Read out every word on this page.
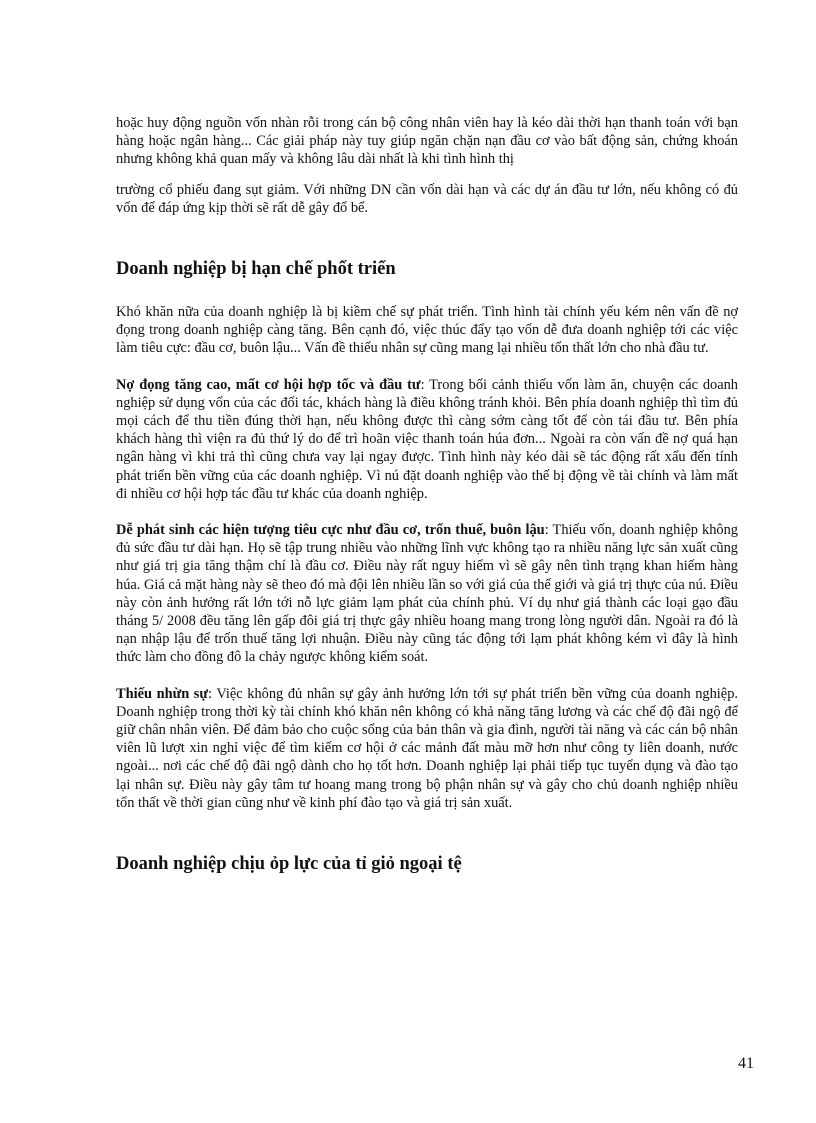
hoặc huy động nguồn vốn nhàn rỗi trong cán bộ công nhân viên hay là kéo dài thời hạn thanh toán với bạn hàng hoặc ngân hàng... Các giải pháp này tuy giúp ngăn chặn nạn đầu cơ vào bất động sản, chứng khoán nhưng không khả quan mấy và không lâu dài nhất là khi tình hình thị

trường cổ phiếu đang sụt giảm. Với những DN cần vốn dài hạn và các dự án đầu tư lớn, nếu không có đủ vốn để đáp ứng kịp thời sẽ rất dễ gây đổ bể.

Doanh nghiệp bị hạn chế phốt triển

Khó khăn nữa của doanh nghiệp là bị kiềm chế sự phát triển. Tình hình tài chính yếu kém nên vấn đề nợ đọng trong doanh nghiệp càng tăng. Bên cạnh đó, việc thúc đẩy tạo vốn dễ đưa doanh nghiệp tới các việc làm tiêu cực: đầu cơ, buôn lậu... Vấn đề thiếu nhân sự cũng mang lại nhiều tổn thất lớn cho nhà đầu tư.

Nợ đọng tăng cao, mất cơ hội hợp tốc và đầu tư: Trong bối cảnh thiếu vốn làm ăn, chuyện các doanh nghiệp sử dụng vốn của các đối tác, khách hàng là điều không tránh khỏi. Bên phía doanh nghiệp thì tìm đủ mọi cách để thu tiền đúng thời hạn, nếu không được thì càng sớm càng tốt để còn tái đầu tư. Bên phía khách hàng thì viện ra đủ thứ lý do để trì hoãn việc thanh toán húa đơn... Ngoài ra còn vấn đề nợ quá hạn ngân hàng vì khi trả thì cũng chưa vay lại ngay được. Tình hình này kéo dài sẽ tác động rất xấu đến tính phát triển bền vững của các doanh nghiệp. Vì nú đặt doanh nghiệp vào thế bị động về tài chính và làm mất đi nhiều cơ hội hợp tác đầu tư khác của doanh nghiệp.

Dễ phát sinh các hiện tượng tiêu cực như đầu cơ, trốn thuế, buôn lậu: Thiếu vốn, doanh nghiệp không đủ sức đầu tư dài hạn. Họ sẽ tập trung nhiều vào những lĩnh vực không tạo ra nhiều năng lực sản xuất cũng như giá trị gia tăng thậm chí là đầu cơ. Điều này rất nguy hiểm vì sẽ gây nên tình trạng khan hiếm hàng húa. Giá cả mặt hàng này sẽ theo đó mà đội lên nhiều lần so với giá của thế giới và giá trị thực của nú. Điều này còn ảnh hưởng rất lớn tới nỗ lực giảm lạm phát của chính phủ. Ví dụ như giá thành các loại gạo đầu tháng 5/ 2008 đều tăng lên gấp đôi giá trị thực gây nhiều hoang mang trong lòng người dân. Ngoài ra đó là nạn nhập lậu để trốn thuế tăng lợi nhuận. Điều này cũng tác động tới lạm phát không kém vì đây là hình thức làm cho đồng đô la chảy ngược không kiểm soát.

Thiếu nhừn sự: Việc không đủ nhân sự gây ảnh hưởng lớn tới sự phát triển bền vững của doanh nghiệp. Doanh nghiệp trong thời kỳ tài chính khó khăn nên không có khả năng tăng lương và các chế độ đãi ngộ để giữ chân nhân viên. Để đảm bảo cho cuộc sống của bản thân và gia đình, người tài năng và các cán bộ nhân viên lũ lượt xin nghỉ việc để tìm kiếm cơ hội ở các mảnh đất màu mỡ hơn như công ty liên doanh, nước ngoài... nơi các chế độ đãi ngộ dành cho họ tốt hơn. Doanh nghiệp lại phải tiếp tục tuyển dụng và đào tạo lại nhân sự. Điều này gây tâm tư hoang mang trong bộ phận nhân sự và gây cho chủ doanh nghiệp nhiều tổn thất về thời gian cũng như về kinh phí đào tạo và giá trị sản xuất.

Doanh nghiệp chịu ỏp lực của tỉ giỏ ngoại tệ
41
